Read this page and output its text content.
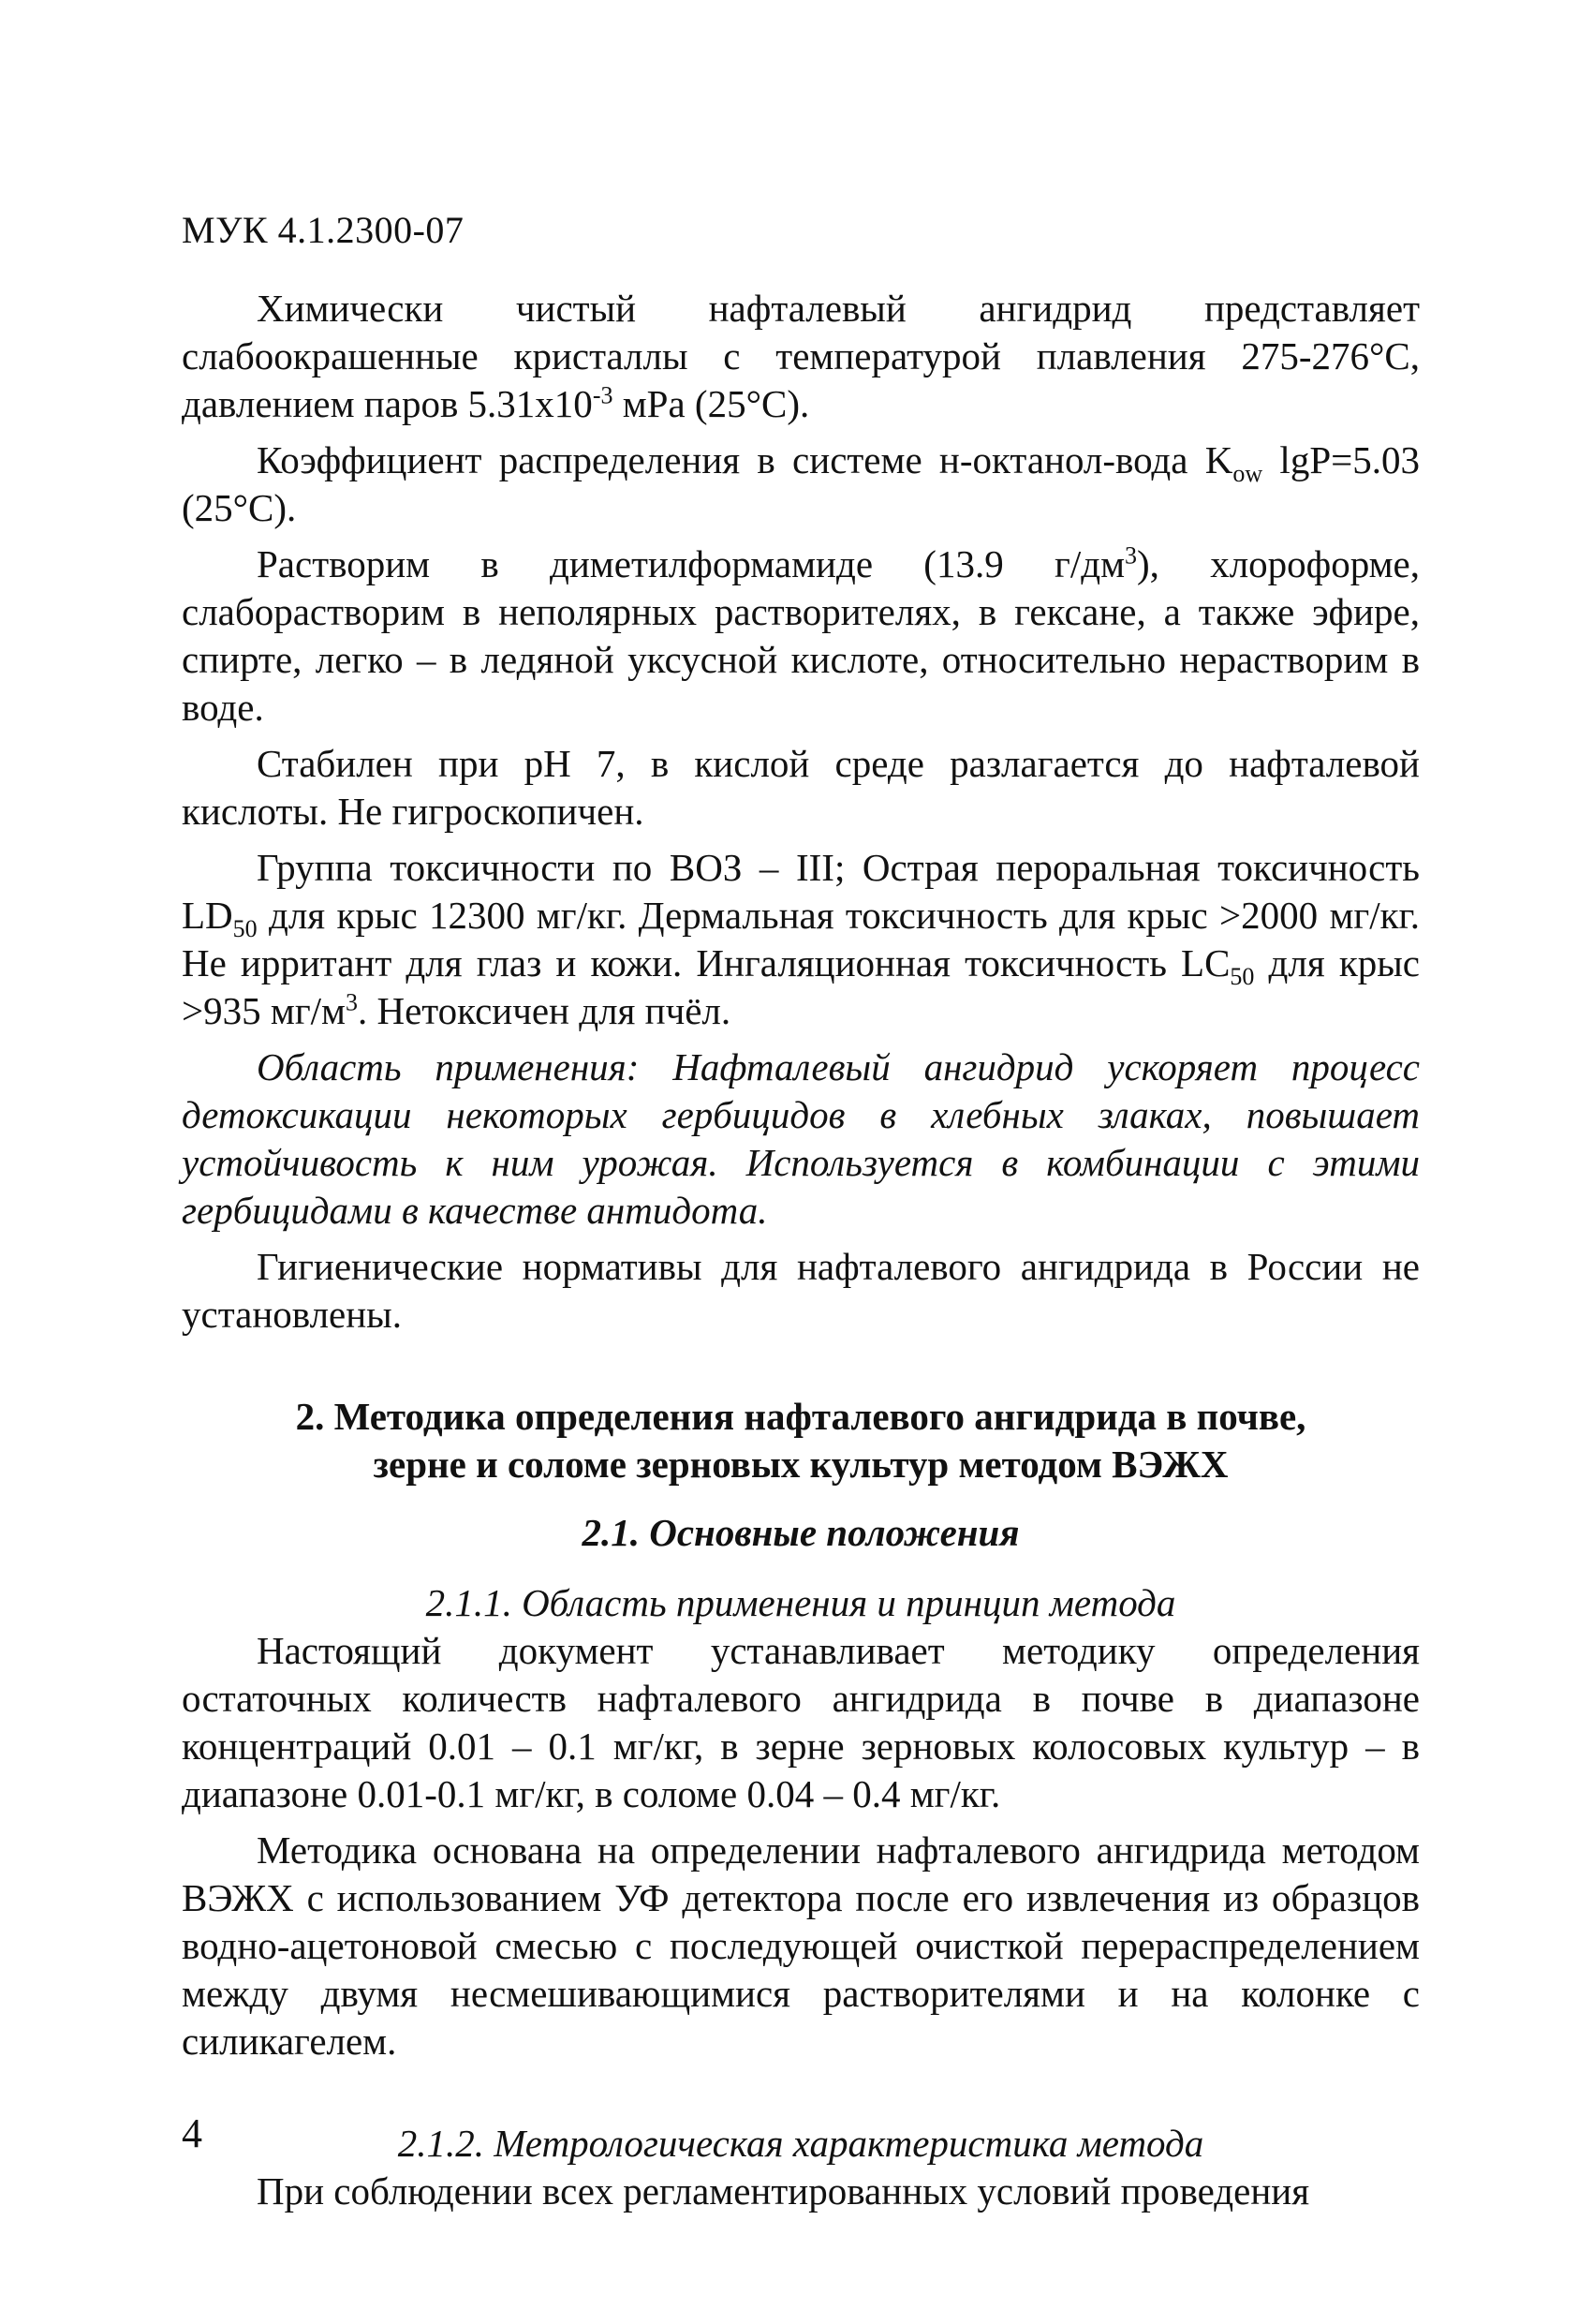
МУК 4.1.2300-07

Химически чистый нафталевый ангидрид представляет слабоокрашенные кристаллы с температурой плавления 275-276°С, давлением паров $5.31x10^{-3}$ мРа (25°С).

Коэффициент распределения в системе н-октанол-вода $K_{ow}$ lgP=5.03 (25°С).

Растворим в диметилформамиде (13.9 $г/дм^3$), хлороформе, слаборастворим в неполярных растворителях, в гексане, а также эфире, спирте, легко – в ледяной уксусной кислоте, относительно нерастворим в воде.

Стабилен при pH 7, в кислой среде разлагается до нафталевой кислоты. Не гигроскопичен.

Группа токсичности по ВОЗ – III; Острая пероральная токсичность $LD_{50}$ для крыс 12300 мг/кг. Дермальная токсичность для крыс >2000 мг/кг. Не ирритант для глаз и кожи. Ингаляционная токсичность $LC_{50}$ для крыс >935 $мг/м^3$. Нетоксичен для пчёл.

Область применения: Нафталевый ангидрид ускоряет процесс детоксикации некоторых гербицидов в хлебных злаках, повышает устойчивость к ним урожая. Используется в комбинации с этими гербицидами в качестве антидота.

Гигиенические нормативы для нафталевого ангидрида в России не установлены.

2. Методика определения нафталевого ангидрида в почве,
зерне и соломе зерновых культур методом ВЭЖХ
2.1. Основные положения
2.1.1. Область применения и принцип метода

Настоящий документ устанавливает методику определения остаточных количеств нафталевого ангидрида в почве в диапазоне концентраций 0.01 – 0.1 мг/кг, в зерне зерновых колосовых культур – в диапазоне 0.01-0.1 мг/кг, в соломе 0.04 – 0.4 мг/кг.

Методика основана на определении нафталевого ангидрида методом ВЭЖХ с использованием УФ детектора после его извлечения из образцов водно-ацетоновой смесью с последующей очисткой перераспределением между двумя несмешивающимися растворителями и на колонке с силикагелем.

2.1.2. Метрологическая характеристика метода

При соблюдении всех регламентированных условий проведения

4
